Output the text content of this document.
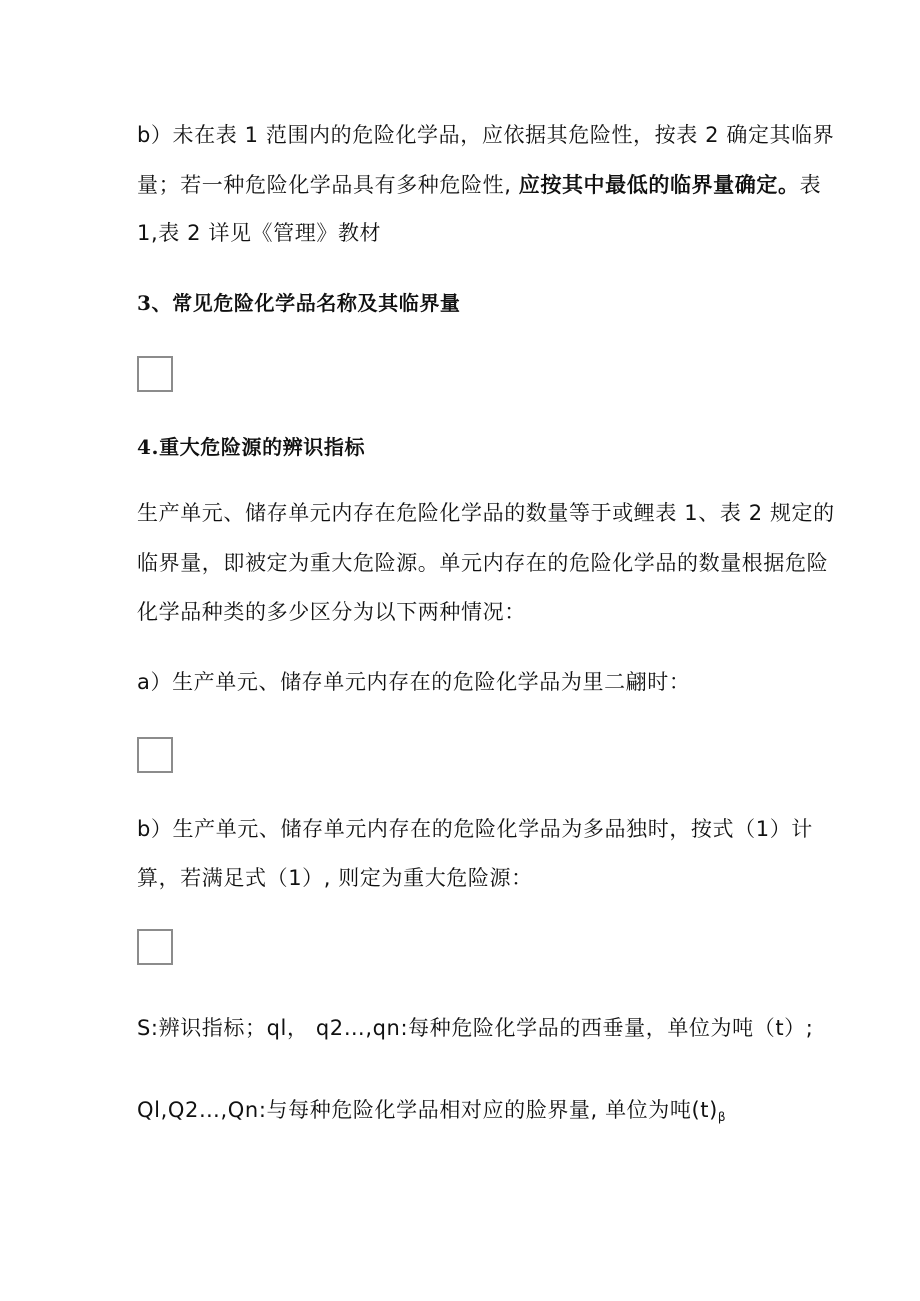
b）未在表 1 范围内的危险化学品，应依据其危险性，按表 2 确定其临界
量；若一种危险化学品具有多种危险性, 应按其中最低的临界量确定。表
1,表 2 详见《管理》教材
3、常见危险化学品名称及其临界量
4.重大危险源的辨识指标
生产单元、储存单元内存在危险化学品的数量等于或鲤表 1、表 2 规定的
临界量，即被定为重大危险源。单元内存在的危险化学品的数量根据危险
化学品种类的多少区分为以下两种情况：
a）生产单元、储存单元内存在的危险化学品为里二翩时：
b）生产单元、储存单元内存在的危险化学品为多品独时，按式（1）计
算，若满足式（1）, 则定为重大危险源：
S:辨识指标；ql， q2…,qn:每种危险化学品的西垂量，单位为吨（t）;
Ql,Q2…,Qn:与每种危险化学品相对应的脸界量, 单位为吨$(t)_\beta$
